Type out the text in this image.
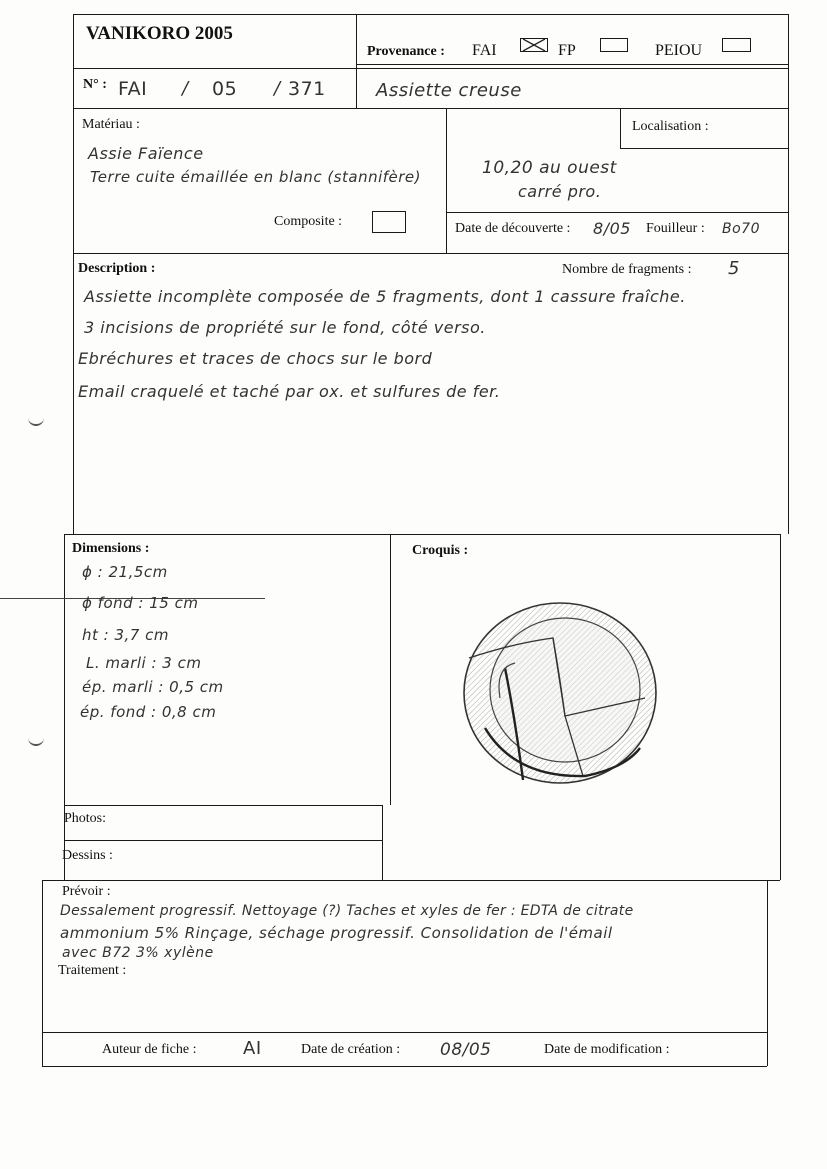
VANIKORO 2005
Provenance : FAI	FP	PEIOU
N° : FAI / 05 / 371	Assiette creuse
Matériau :
Assie Faïence
Terre cuite émaillée en blanc (stannifère)
Composite :
Localisation :
10,20 au ouest
carré pro.
Date de découverte : 8/05 Fouilleur : Bo70
Description :	Nombre de fragments : 5
Assiette incomplète composée de 5 fragments, dont 1 cassure fraîche.
3 incisions de propriété sur le fond, côté verso.
Ebréchures et traces de chocs sur le bord
Email craquelé et taché par ox. et sulfures de fer.
Dimensions :
ϕ : 21,5cm
ϕ fond : 15 cm
ht : 3,7 cm
L. marli : 3 cm
ép. marli : 0,5 cm
ép. fond : 0,8 cm
Croquis :
Photos:
Dessins :
Prévoir :
Dessalement progressif. Nettoyage (?) Taches et xyles de fer : EDTA de citrate
ammonium 5% Rinçage, séchage progressif. Consolidation de l'émail
avec B72 3% xylène
Traitement :
Auteur de fiche :	AI	Date de création : 08/05	Date de modification :
